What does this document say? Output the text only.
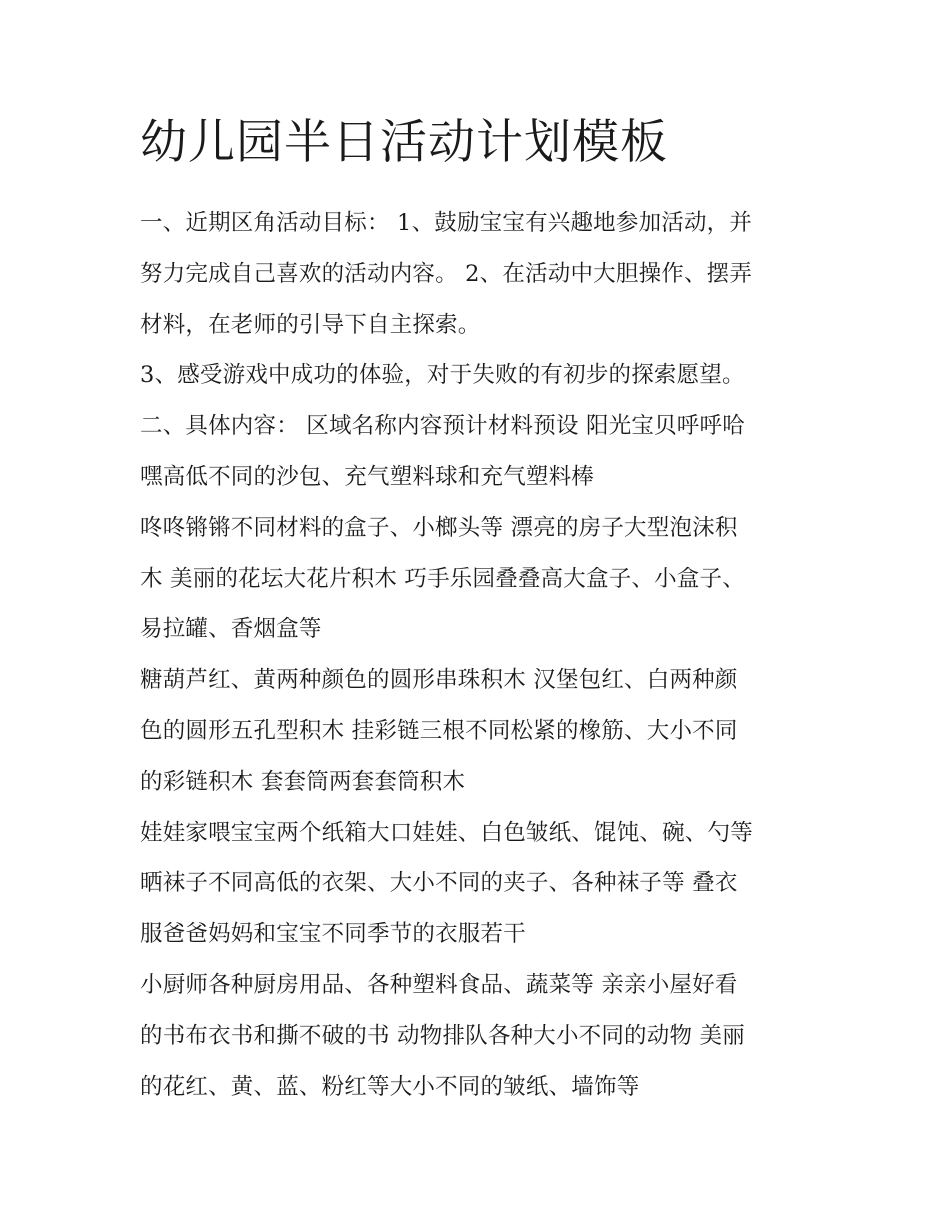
幼儿园半日活动计划模板
一、近期区角活动目标： 1、鼓励宝宝有兴趣地参加活动，并
努力完成自己喜欢的活动内容。 2、在活动中大胆操作、摆弄
材料，在老师的引导下自主探索。
3、感受游戏中成功的体验，对于失败的有初步的探索愿望。
二、具体内容： 区域名称内容预计材料预设 阳光宝贝呼呼哈
嘿高低不同的沙包、充气塑料球和充气塑料棒
咚咚锵锵不同材料的盒子、小榔头等 漂亮的房子大型泡沫积
木 美丽的花坛大花片积木 巧手乐园叠叠高大盒子、小盒子、
易拉罐、香烟盒等
糖葫芦红、黄两种颜色的圆形串珠积木 汉堡包红、白两种颜
色的圆形五孔型积木 挂彩链三根不同松紧的橡筋、大小不同
的彩链积木 套套筒两套套筒积木
娃娃家喂宝宝两个纸箱大口娃娃、白色皱纸、馄饨、碗、勺等
晒袜子不同高低的衣架、大小不同的夹子、各种袜子等 叠衣
服爸爸妈妈和宝宝不同季节的衣服若干
小厨师各种厨房用品、各种塑料食品、蔬菜等 亲亲小屋好看
的书布衣书和撕不破的书 动物排队各种大小不同的动物 美丽
的花红、黄、蓝、粉红等大小不同的皱纸、墙饰等
